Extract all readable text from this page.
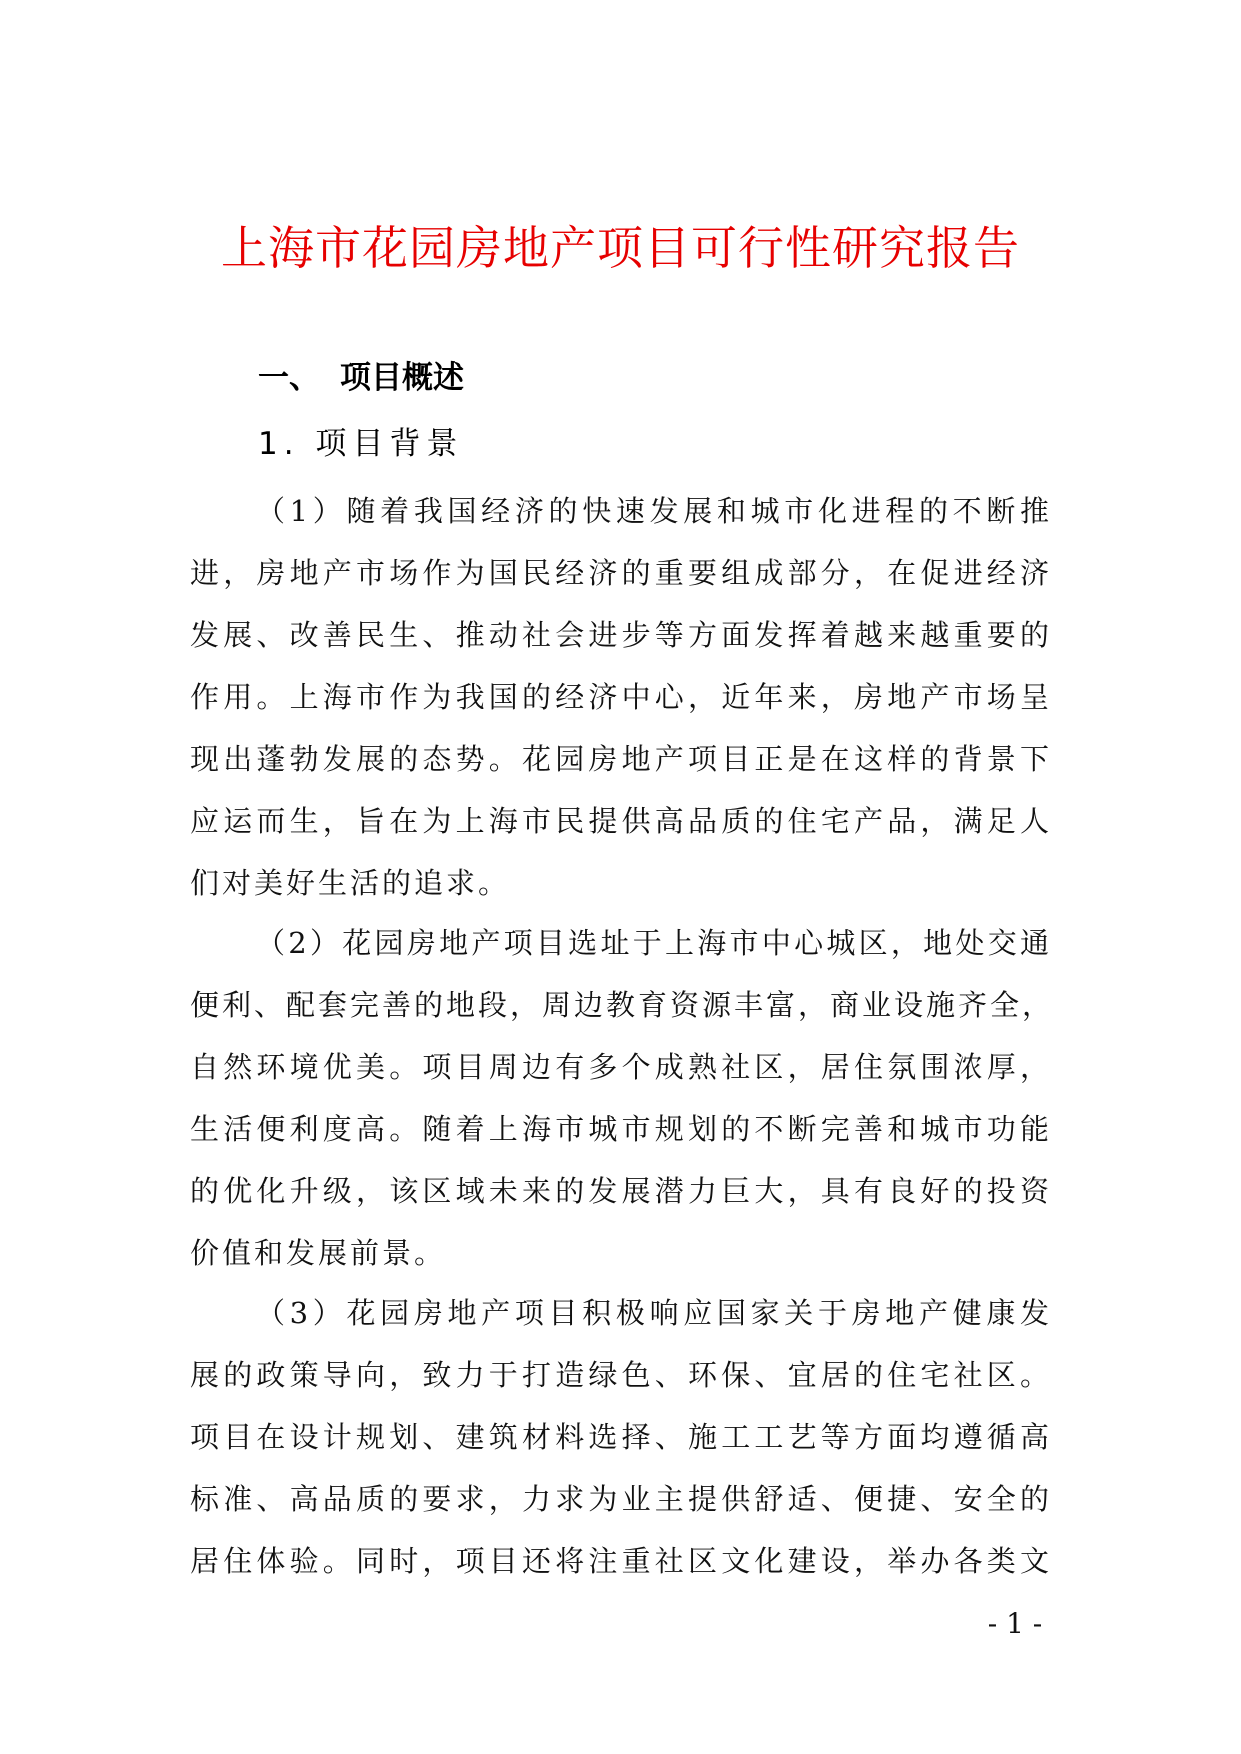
上海市花园房地产项目可行性研究报告
一、 项目概述
1. 项目背景
（1）随着我国经济的快速发展和城市化进程的不断推
进，房地产市场作为国民经济的重要组成部分，在促进经济
发展、改善民生、推动社会进步等方面发挥着越来越重要的
作用。上海市作为我国的经济中心，近年来，房地产市场呈
现出蓬勃发展的态势。花园房地产项目正是在这样的背景下
应运而生，旨在为上海市民提供高品质的住宅产品，满足人
们对美好生活的追求。
（2）花园房地产项目选址于上海市中心城区，地处交通
便利、配套完善的地段，周边教育资源丰富，商业设施齐全，
自然环境优美。项目周边有多个成熟社区，居住氛围浓厚，
生活便利度高。随着上海市城市规划的不断完善和城市功能
的优化升级，该区域未来的发展潜力巨大，具有良好的投资
价值和发展前景。
（3）花园房地产项目积极响应国家关于房地产健康发
展的政策导向，致力于打造绿色、环保、宜居的住宅社区。
项目在设计规划、建筑材料选择、施工工艺等方面均遵循高
标准、高品质的要求，力求为业主提供舒适、便捷、安全的
居住体验。同时，项目还将注重社区文化建设，举办各类文
- 1 -
